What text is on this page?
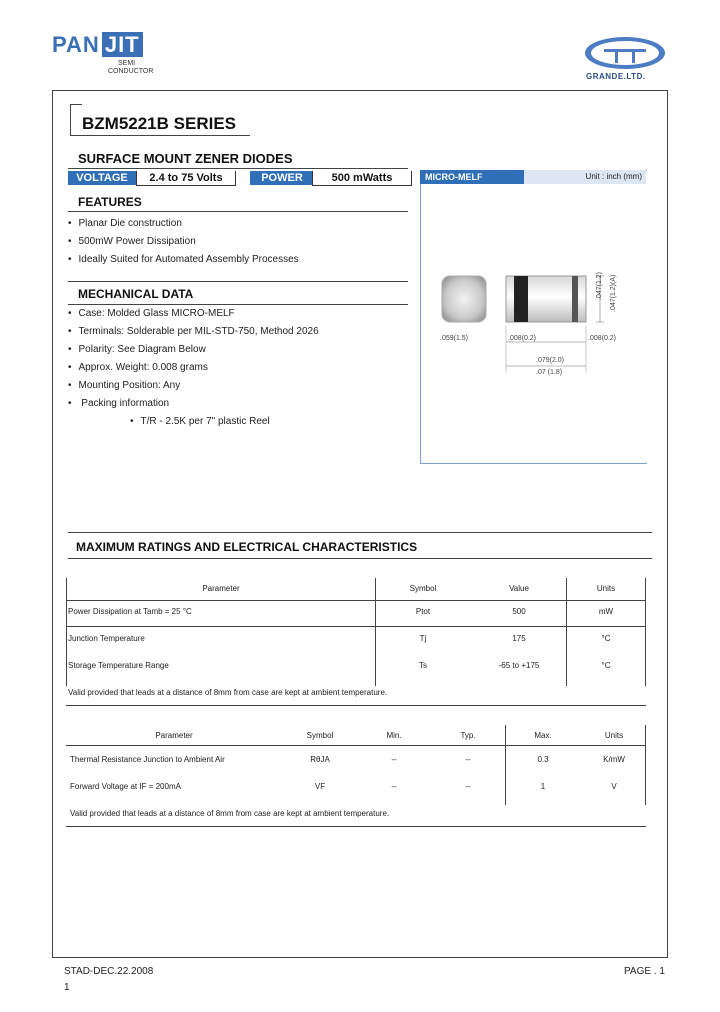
PAN JIT
SEMI
CONDUCTOR
GRANDE.LTD.
BZM5221B SERIES
SURFACE MOUNT ZENER DIODES
VOLTAGE	2.4 to 75 Volts	POWER	500 mWatts
FEATURES
• Planar Die construction
• 500mW Power Dissipation
• Ideally Suited for Automated Assembly Processes
MECHANICAL DATA
• Case: Molded Glass MICRO-MELF
• Terminals: Solderable per MIL-STD-750, Method 2026
• Polarity: See Diagram Below
• Approx. Weight: 0.008 grams
• Mounting Position: Any
• Packing information
• T/R - 2.5K per 7" plastic Reel
MICRO-MELF	Unit : inch (mm)
.059(1.5)	.008(0.2)	.008(0.2)
.079(2.0)
.07 (1.8)
.047(1.2) .047(1.2)(A)
MAXIMUM RATINGS AND ELECTRICAL CHARACTERISTICS
Parameter	Symbol	Value	Units
Power Dissipation at Tamb = 25 °C	Ptot	500	mW
Junction Temperature	Tj	175	°C
Storage Temperature Range	Ts	-65 to +175	°C
Valid provided that leads at a distance of 8mm from case are kept at ambient temperature.
Parameter	Symbol	Min.	Typ.	Max.	Units
Thermal Resistance Junction to Ambient Air	RθJA	--	--	0.3	K/mW
Forward Voltage at IF = 200mA	VF	--	--	1	V
Valid provided that leads at a distance of 8mm from case are kept at ambient temperature.
STAD-DEC.22.2008	PAGE . 1
1
